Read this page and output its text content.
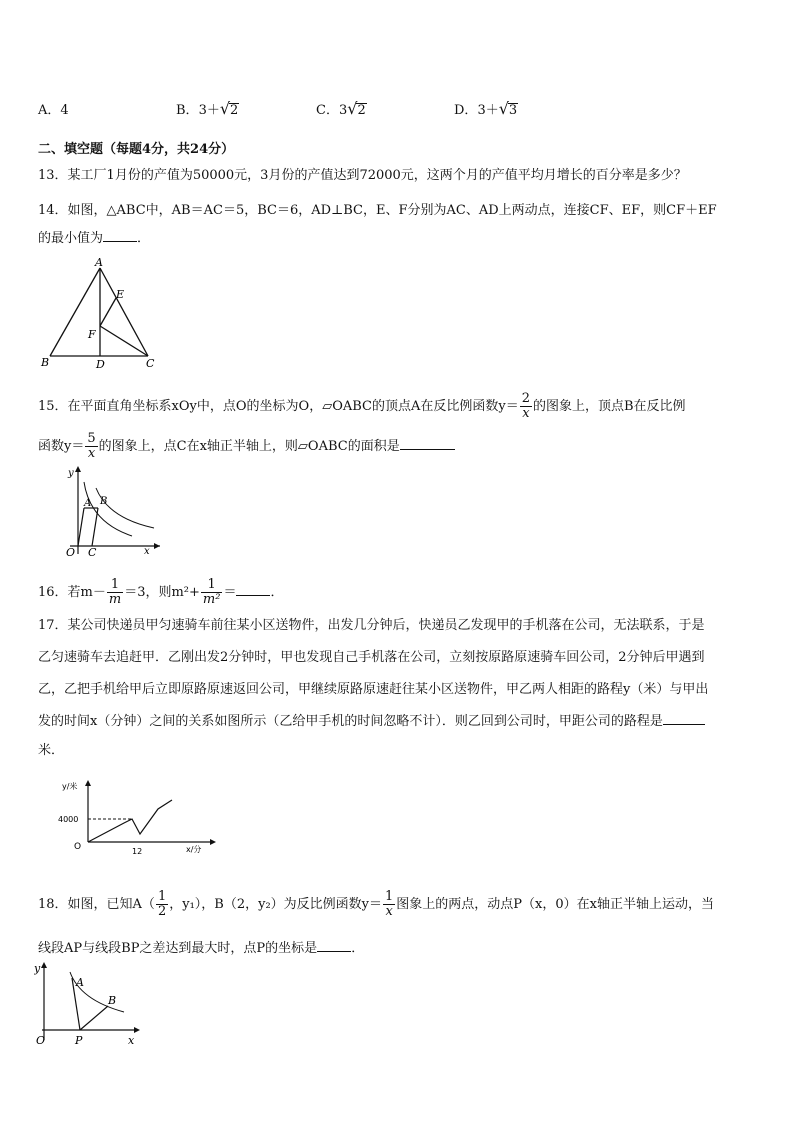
A．4	B．3＋√2	C．3√2	D．3＋√3
二、填空题（每题4分，共24分）
13．某工厂1月份的产值为50000元，3月份的产值达到72000元，这两个月的产值平均月增长的百分率是多少？
14．如图，△ABC中，AB＝AC＝5，BC＝6，AD⊥BC，E、F分别为AC、AD上两动点，连接CF、EF，则CF＋EF
的最小值为	．
A
B	C
D
E
F
15．在平面直角坐标系xOy中，点O的坐标为O，▱OABC的顶点A在反比例函数$y= \frac{2}{x}$ 的图象上，顶点B在反比例
函数$y= \frac{5}{x}$ 的图象上，点C在x轴正半轴上，则▱OABC的面积是
y
A B
O C	x
16．若$m- \frac{1}{m} =3$，则$m^2+ \frac{1}{\text{m²}}$ ＝	．
17．某公司快递员甲匀速骑车前往某小区送物件，出发几分钟后，快递员乙发现甲的手机落在公司，无法联系，于是
乙匀速骑车去追赶甲．乙刚出发2分钟时，甲也发现自己手机落在公司，立刻按原路原速骑车回公司，2分钟后甲遇到
乙，乙把手机给甲后立即原路原速返回公司，甲继续原路原速赶往某小区送物件，甲乙两人相距的路程y（米）与甲出
发的时间x（分钟）之间的关系如图所示（乙给甲手机的时间忽略不计）．则乙回到公司时，甲距公司的路程是
米．
y/米
4000
12	x/分
O
18．如图，已知$A( \frac{1}{2}$ ，y₁），B（2，y₂）为反比例函数$y= \frac{1}{x}$ 图象上的两点，动点P（x，0）在x轴正半轴上运动，当
线段AP与线段BP之差达到最大时，点P的坐标是	．
y
A
B
O	P	x
